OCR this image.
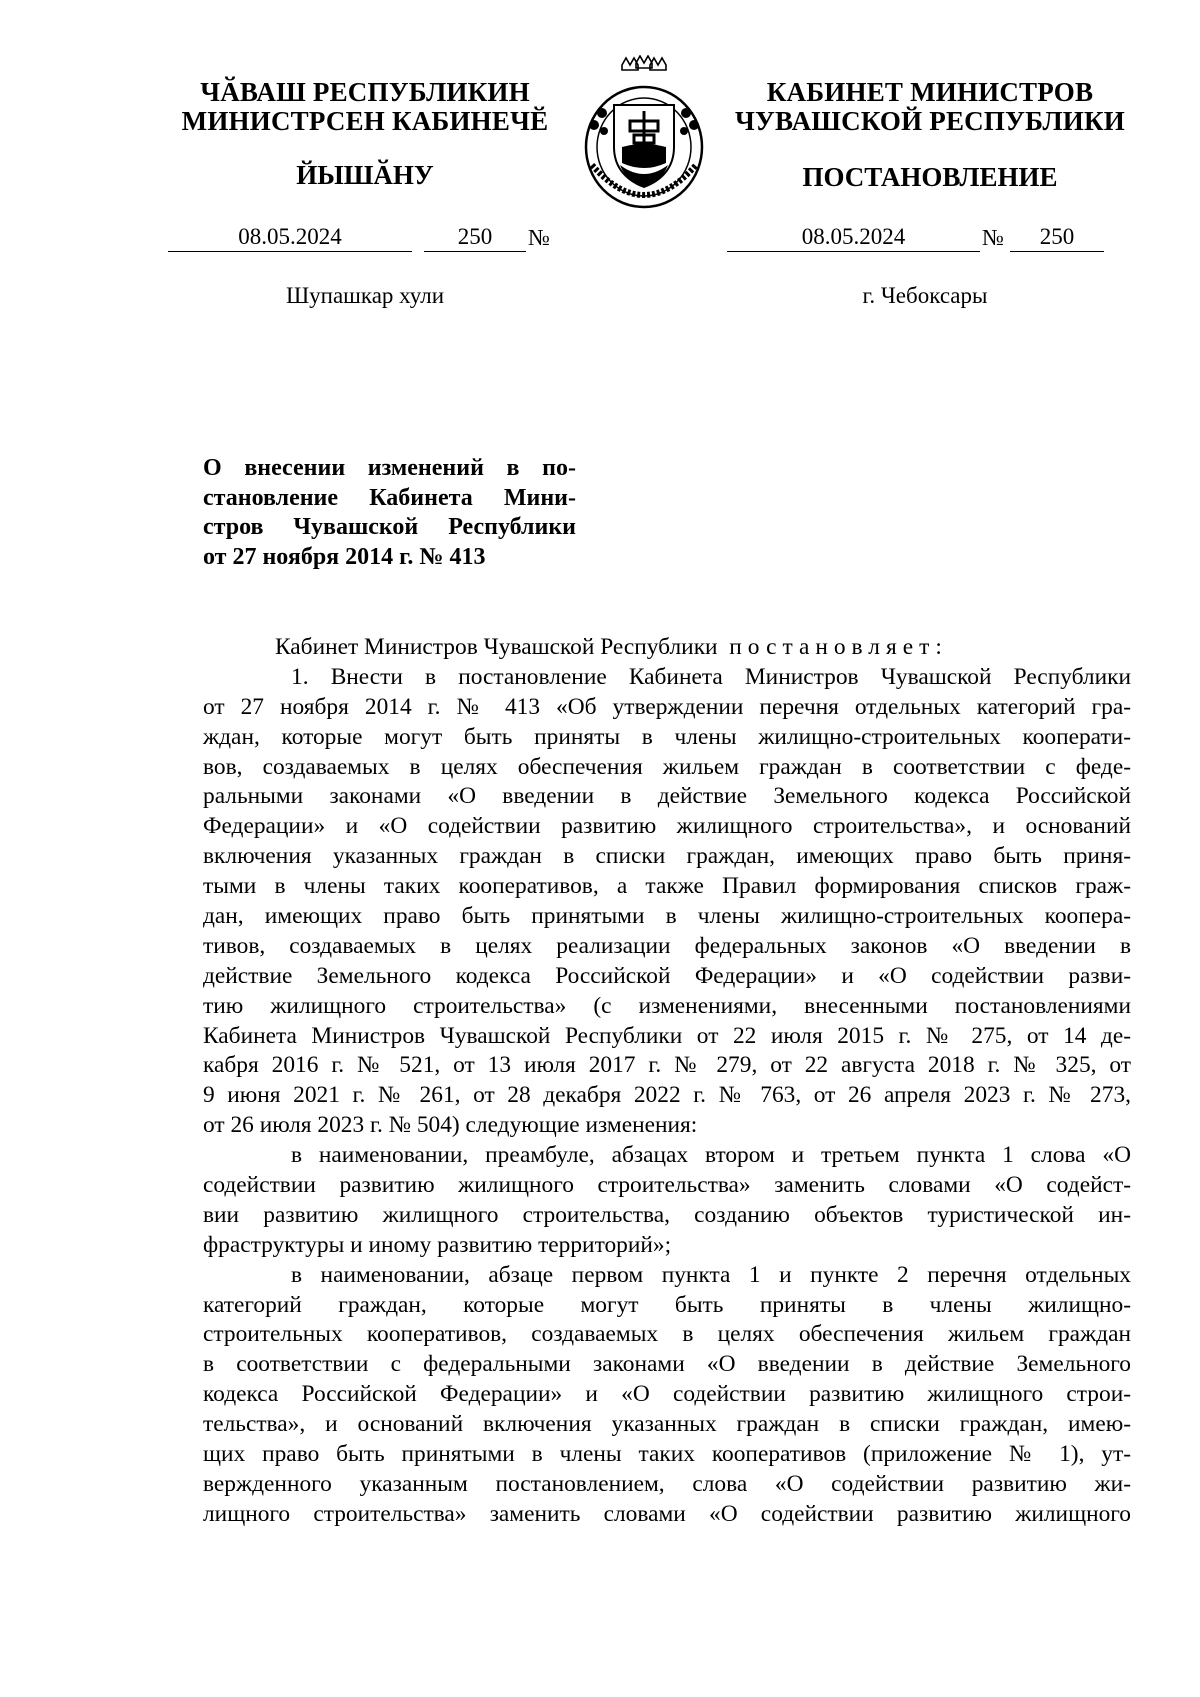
ЧӐВАШ РЕСПУБЛИКИН
МИНИСТРСЕН КАБИНЕЧӖ
ЙЫШӐНУ
КАБИНЕТ МИНИСТРОВ
ЧУВАШСКОЙ РЕСПУБЛИКИ
ПОСТАНОВЛЕНИЕ
08.05.2024	250	№	08.05.2024	№	250
Шупашкар хули	г. Чебоксары
О внесении изменений в по-
становление Кабинета Мини-
стров Чувашской Республики
от 27 ноября 2014 г. № 413
Кабинет Министров Чувашской Республики постановляет:
1. Внести в постановление Кабинета Министров Чувашской Республики
от 27 ноября 2014 г. № 413 «Об утверждении перечня отдельных категорий гра-
ждан, которые могут быть приняты в члены жилищно-строительных кооперати-
вов, создаваемых в целях обеспечения жильем граждан в соответствии с феде-
ральными законами «О введении в действие Земельного кодекса Российской
Федерации» и «О содействии развитию жилищного строительства», и оснований
включения указанных граждан в списки граждан, имеющих право быть приня-
тыми в члены таких кооперативов, а также Правил формирования списков граж-
дан, имеющих право быть принятыми в члены жилищно-строительных коопера-
тивов, создаваемых в целях реализации федеральных законов «О введении в
действие Земельного кодекса Российской Федерации» и «О содействии разви-
тию жилищного строительства» (с изменениями, внесенными постановлениями
Кабинета Министров Чувашской Республики от 22 июля 2015 г. № 275, от 14 де-
кабря 2016 г. № 521, от 13 июля 2017 г. № 279, от 22 августа 2018 г. № 325, от
9 июня 2021 г. № 261, от 28 декабря 2022 г. № 763, от 26 апреля 2023 г. № 273,
от 26 июля 2023 г. № 504) следующие изменения:
в наименовании, преамбуле, абзацах втором и третьем пункта 1 слова «О
содействии развитию жилищного строительства» заменить словами «О содейст-
вии развитию жилищного строительства, созданию объектов туристической ин-
фраструктуры и иному развитию территорий»;
в наименовании, абзаце первом пункта 1 и пункте 2 перечня отдельных
категорий граждан, которые могут быть приняты в члены жилищно-
строительных кооперативов, создаваемых в целях обеспечения жильем граждан
в соответствии с федеральными законами «О введении в действие Земельного
кодекса Российской Федерации» и «О содействии развитию жилищного строи-
тельства», и оснований включения указанных граждан в списки граждан, имею-
щих право быть принятыми в члены таких кооперативов (приложение № 1), ут-
вержденного указанным постановлением, слова «О содействии развитию жи-
лищного строительства» заменить словами «О содействии развитию жилищного
